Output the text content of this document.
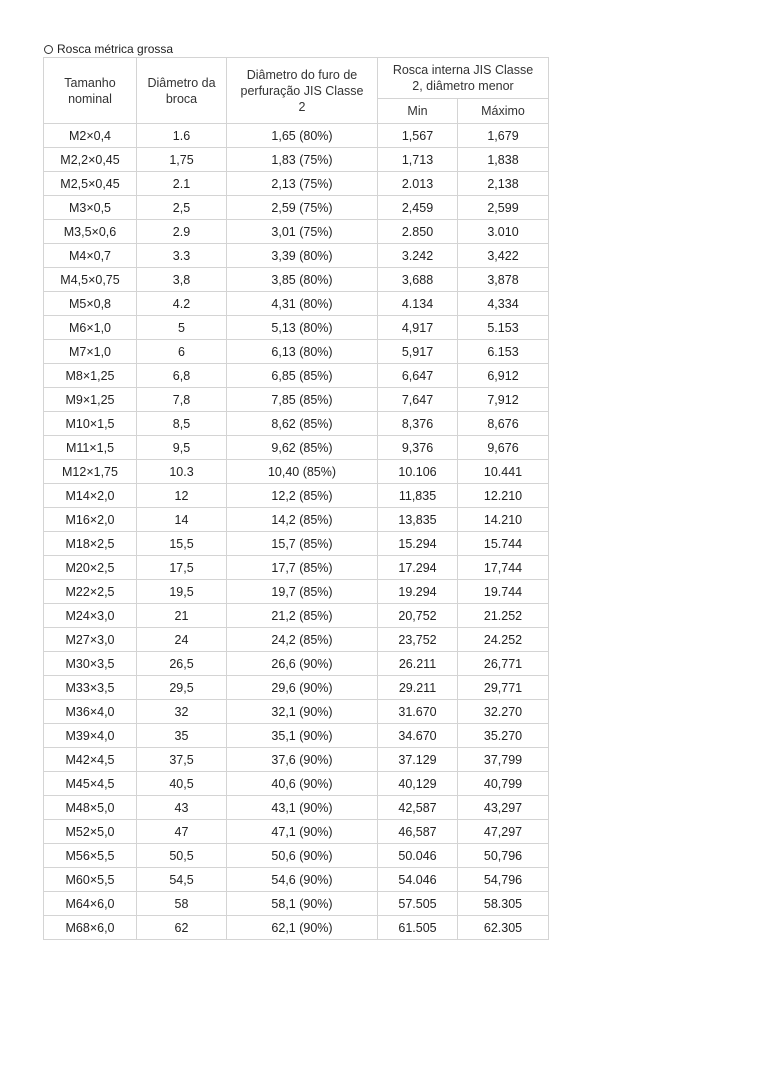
Rosca métrica grossa
Tamanho nominal	Diâmetro da broca	Diâmetro do furo de perfuração JIS Classe 2	Rosca interna JIS Classe 2, diâmetro menor	
			Min	Máximo
M2×0,4	1.6	1,65 (80%)	1,567	1,679
M2,2×0,45	1,75	1,83 (75%)	1,713	1,838
M2,5×0,45	2.1	2,13 (75%)	2.013	2,138
M3×0,5	2,5	2,59 (75%)	2,459	2,599
M3,5×0,6	2.9	3,01 (75%)	2.850	3.010
M4×0,7	3.3	3,39 (80%)	3.242	3,422
M4,5×0,75	3,8	3,85 (80%)	3,688	3,878
M5×0,8	4.2	4,31 (80%)	4.134	4,334
M6×1,0	5	5,13 (80%)	4,917	5.153
M7×1,0	6	6,13 (80%)	5,917	6.153
M8×1,25	6,8	6,85 (85%)	6,647	6,912
M9×1,25	7,8	7,85 (85%)	7,647	7,912
M10×1,5	8,5	8,62 (85%)	8,376	8,676
M11×1,5	9,5	9,62 (85%)	9,376	9,676
M12×1,75	10.3	10,40 (85%)	10.106	10.441
M14×2,0	12	12,2 (85%)	11,835	12.210
M16×2,0	14	14,2 (85%)	13,835	14.210
M18×2,5	15,5	15,7 (85%)	15.294	15.744
M20×2,5	17,5	17,7 (85%)	17.294	17,744
M22×2,5	19,5	19,7 (85%)	19.294	19.744
M24×3,0	21	21,2 (85%)	20,752	21.252
M27×3,0	24	24,2 (85%)	23,752	24.252
M30×3,5	26,5	26,6 (90%)	26.211	26,771
M33×3,5	29,5	29,6 (90%)	29.211	29,771
M36×4,0	32	32,1 (90%)	31.670	32.270
M39×4,0	35	35,1 (90%)	34.670	35.270
M42×4,5	37,5	37,6 (90%)	37.129	37,799
M45×4,5	40,5	40,6 (90%)	40,129	40,799
M48×5,0	43	43,1 (90%)	42,587	43,297
M52×5,0	47	47,1 (90%)	46,587	47,297
M56×5,5	50,5	50,6 (90%)	50.046	50,796
M60×5,5	54,5	54,6 (90%)	54.046	54,796
M64×6,0	58	58,1 (90%)	57.505	58.305
M68×6,0	62	62,1 (90%)	61.505	62.305
